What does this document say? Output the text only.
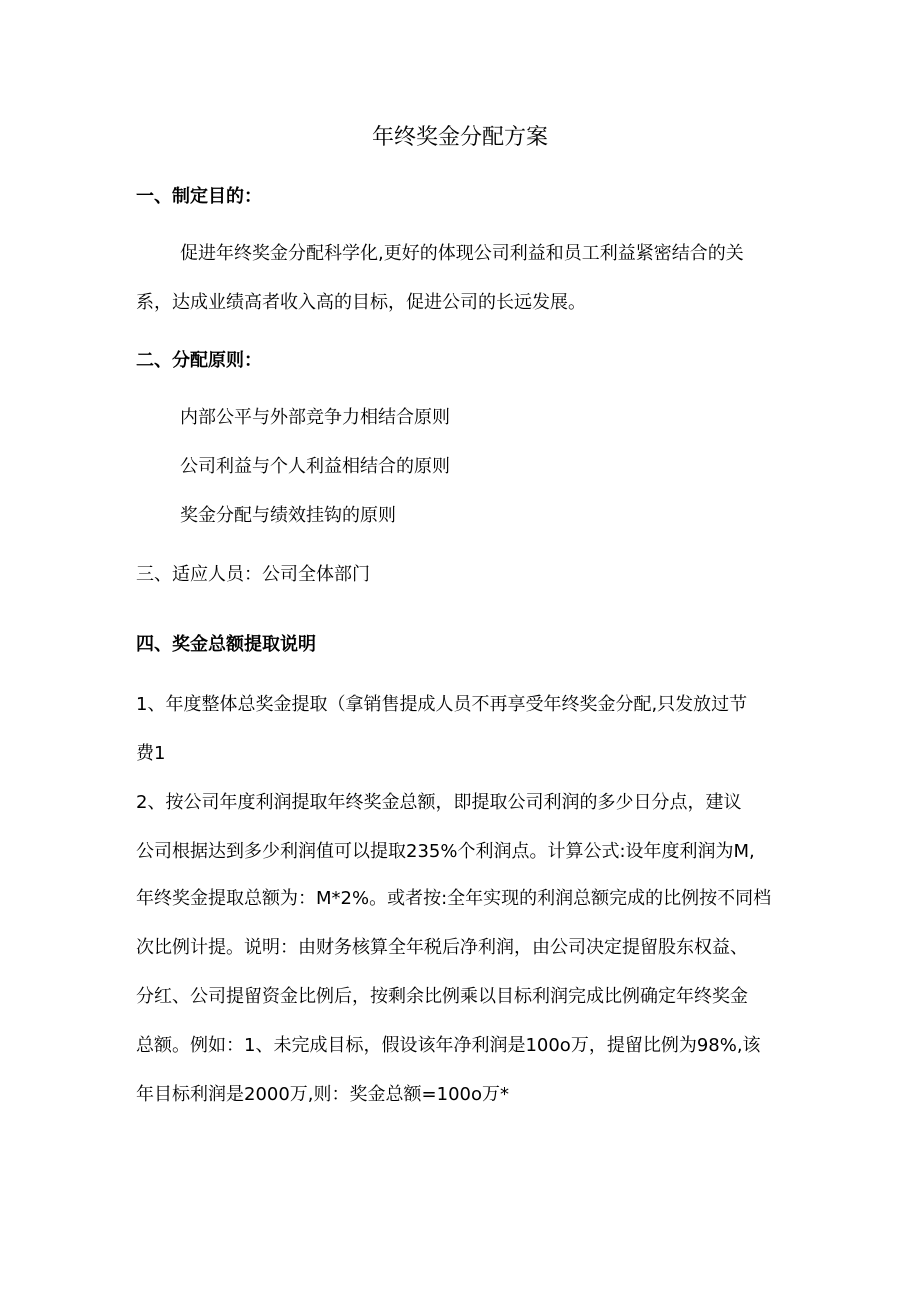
年终奖金分配方案
一、制定目的：

促进年终奖金分配科学化,更好的体现公司利益和员工利益紧密结合的关

系，达成业绩高者收入高的目标，促进公司的长远发展。

二、分配原则：

内部公平与外部竞争力相结合原则

公司利益与个人利益相结合的原则

奖金分配与绩效挂钩的原则

三、适应人员：公司全体部门

四、奖金总额提取说明

1、年度整体总奖金提取（拿销售提成人员不再享受年终奖金分配,只发放过节

费1

2、按公司年度利润提取年终奖金总额，即提取公司利润的多少日分点，建议

公司根据达到多少利润值可以提取235%个利润点。计算公式:设年度利润为M,

年终奖金提取总额为：M*2%。或者按:全年实现的利润总额完成的比例按不同档

次比例计提。说明：由财务核算全年税后净利润，由公司决定提留股东权益、

分红、公司提留资金比例后，按剩余比例乘以目标利润完成比例确定年终奖金

总额。例如：1、未完成目标，假设该年净利润是100o万，提留比例为98%,该

年目标利润是2000万,则：奖金总额=100o万*
